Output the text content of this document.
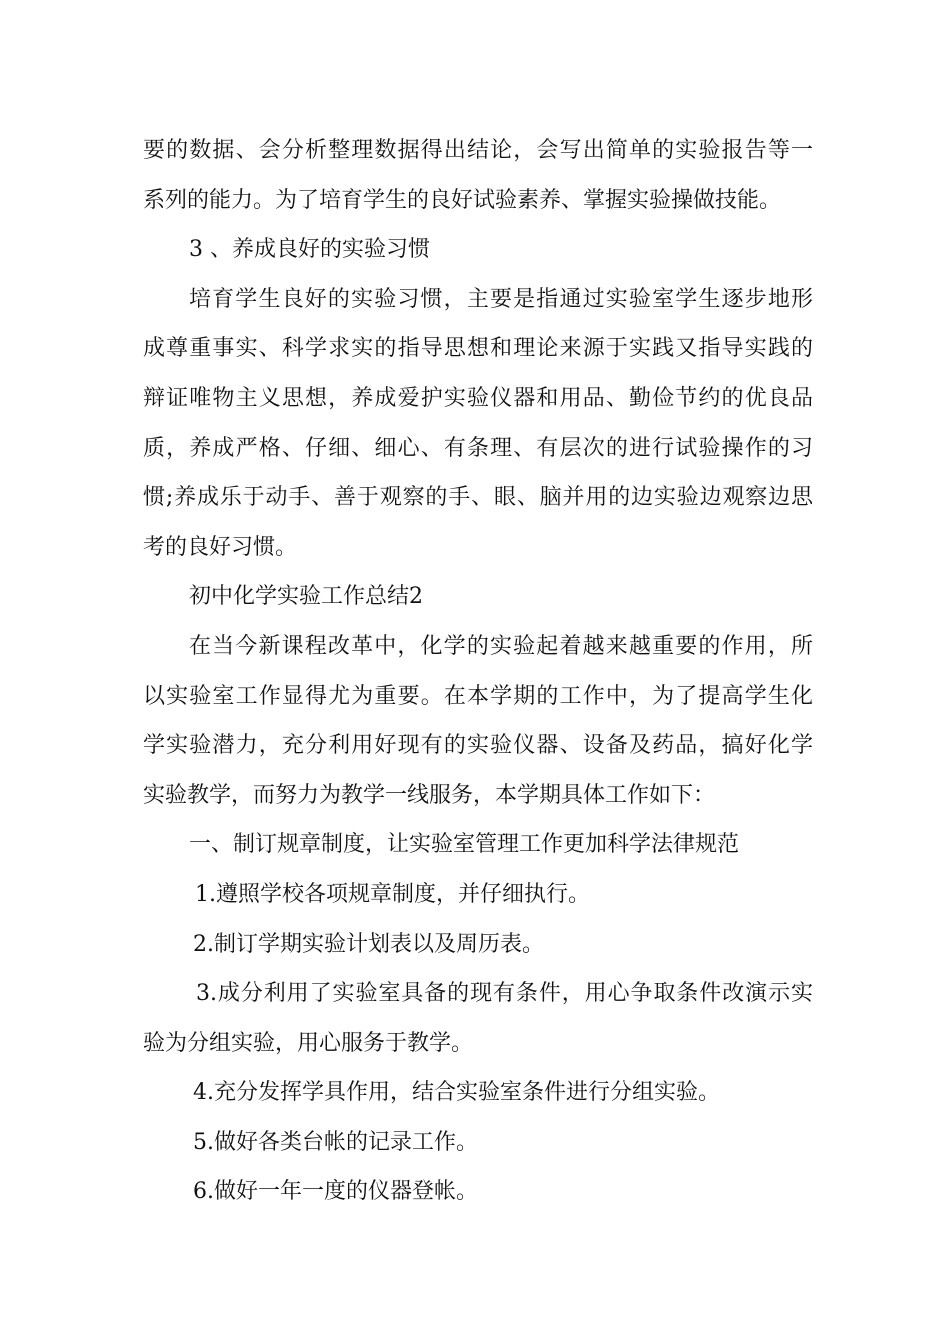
要的数据、会分析整理数据得出结论，会写出简单的实验报告等一
系列的能力。为了培育学生的良好试验素养、掌握实验操做技能。
3 、养成良好的实验习惯
培育学生良好的实验习惯，主要是指通过实验室学生逐步地形
成尊重事实、科学求实的指导思想和理论来源于实践又指导实践的
辩证唯物主义思想，养成爱护实验仪器和用品、勤俭节约的优良品
质，养成严格、仔细、细心、有条理、有层次的进行试验操作的习
惯;养成乐于动手、善于观察的手、眼、脑并用的边实验边观察边思
考的良好习惯。
初中化学实验工作总结2
在当今新课程改革中，化学的实验起着越来越重要的作用，所
以实验室工作显得尤为重要。在本学期的工作中，为了提高学生化
学实验潜力，充分利用好现有的实验仪器、设备及药品，搞好化学
实验教学，而努力为教学一线服务，本学期具体工作如下：
一、制订规章制度，让实验室管理工作更加科学法律规范
1.遵照学校各项规章制度，并仔细执行。
2.制订学期实验计划表以及周历表。
3.成分利用了实验室具备的现有条件，用心争取条件改演示实
验为分组实验，用心服务于教学。
4.充分发挥学具作用，结合实验室条件进行分组实验。
5.做好各类台帐的记录工作。
6.做好一年一度的仪器登帐。
